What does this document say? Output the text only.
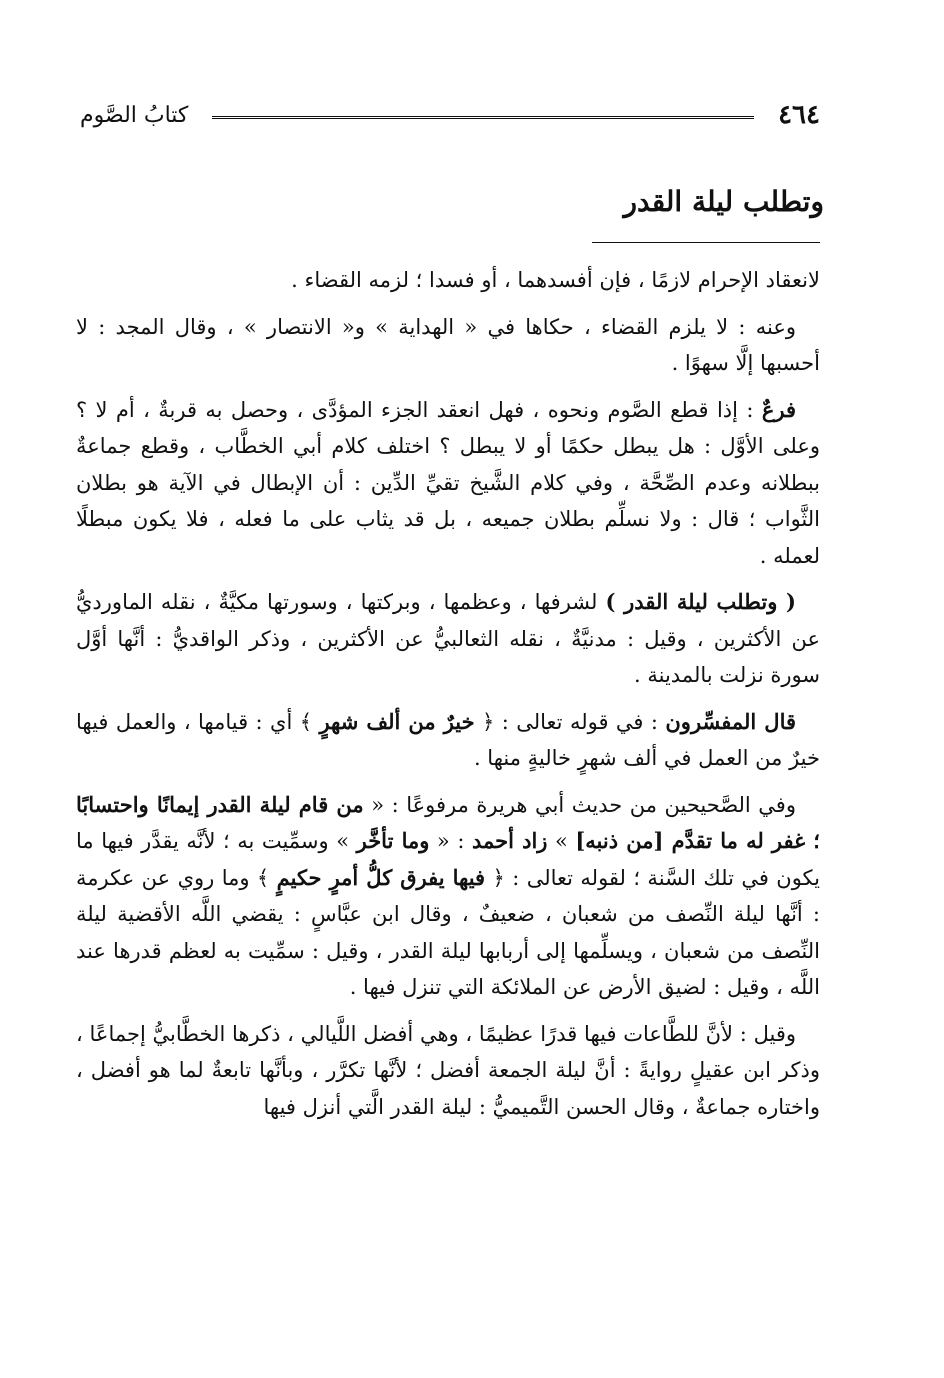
٤٦٤
كتابُ الصَّوم
وتطلب ليلة القدر

لانعقاد الإحرام لازمًا ، فإن أفسدهما ، أو فسدا ؛ لزمه القضاء .

وعنه : لا يلزم القضاء ، حكاها في « الهداية » و« الانتصار » ، وقال المجد : لا أحسبها إلَّا سهوًا .

فرعٌ : إذا قطع الصَّوم ونحوه ، فهل انعقد الجزء المؤدَّى ، وحصل به قربةٌ ، أم لا ؟ وعلى الأوَّل : هل يبطل حكمًا أو لا يبطل ؟ اختلف كلام أبي الخطَّاب ، وقطع جماعةٌ ببطلانه وعدم الصِّحَّة ، وفي كلام الشَّيخ تقيِّ الدِّين : أن الإبطال في الآية هو بطلان الثَّواب ؛ قال : ولا نسلِّم بطلان جميعه ، بل قد يثاب على ما فعله ، فلا يكون مبطلًا لعمله .

( وتطلب ليلة القدر ) لشرفها ، وعظمها ، وبركتها ، وسورتها مكيَّةٌ ، نقله الماورديُّ عن الأكثرين ، وقيل : مدنيَّةٌ ، نقله الثعالبيُّ عن الأكثرين ، وذكر الواقديُّ : أنَّها أوَّل سورة نزلت بالمدينة .

قال المفسِّرون : في قوله تعالى : ﴿ خيرٌ من ألف شهرٍ ﴾ أي : قيامها ، والعمل فيها خيرٌ من العمل في ألف شهرٍ خاليةٍ منها .

وفي الصَّحيحين من حديث أبي هريرة مرفوعًا : « من قام ليلة القدر إيمانًا واحتسابًا ؛ غفر له ما تقدَّم [من ذنبه] » زاد أحمد : « وما تأخَّر » وسمِّيت به ؛ لأنَّه يقدَّر فيها ما يكون في تلك السَّنة ؛ لقوله تعالى : ﴿ فيها يفرق كلُّ أمرٍ حكيمٍ ﴾ وما روي عن عكرمة : أنَّها ليلة النِّصف من شعبان ، ضعيفٌ ، وقال ابن عبَّاسٍ : يقضي اللَّه الأقضية ليلة النِّصف من شعبان ، ويسلِّمها إلى أربابها ليلة القدر ، وقيل : سمِّيت به لعظم قدرها عند اللَّه ، وقيل : لضيق الأرض عن الملائكة التي تنزل فيها .

وقيل : لأنَّ للطَّاعات فيها قدرًا عظيمًا ، وهي أفضل اللَّيالي ، ذكرها الخطَّابيُّ إجماعًا ، وذكر ابن عقيلٍ روايةً : أنَّ ليلة الجمعة أفضل ؛ لأنَّها تكرَّر ، وبأنَّها تابعةٌ لما هو أفضل ، واختاره جماعةٌ ، وقال الحسن التَّميميُّ : ليلة القدر الَّتي أنزل فيها
